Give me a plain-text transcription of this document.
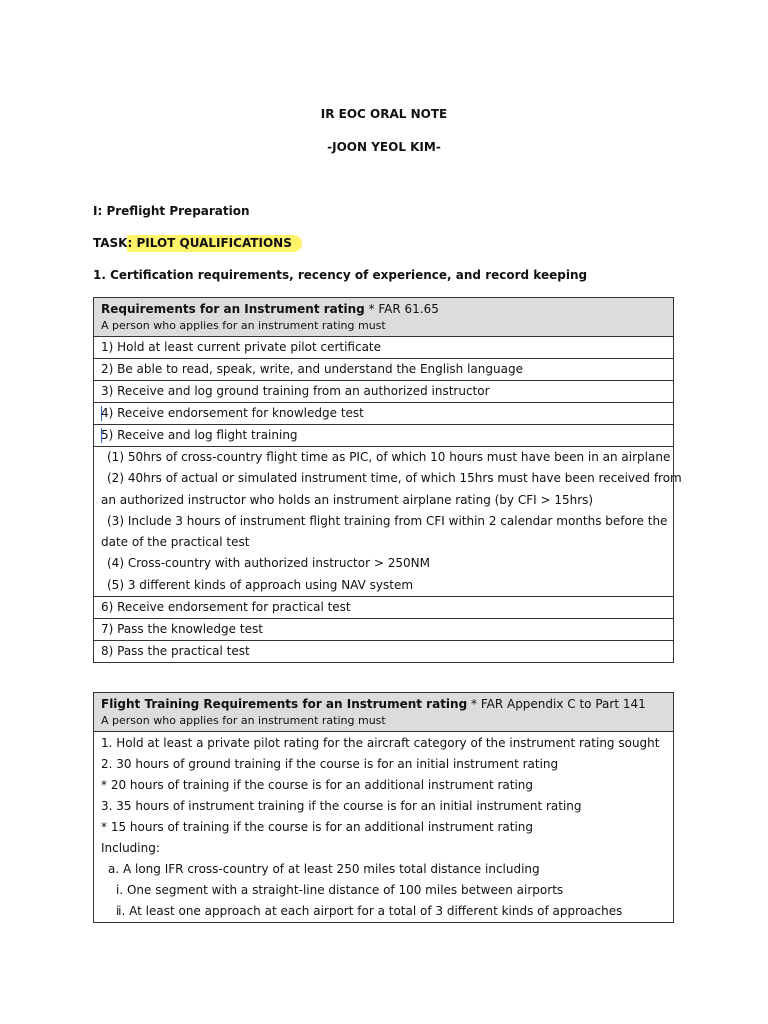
IR EOC ORAL NOTE
-JOON YEOL KIM-
Ⅰ: Preflight Preparation
TASK: PILOT QUALIFICATIONS
1. Certification requirements, recency of experience, and record keeping
Requirements for an Instrument rating * FAR 61.65
A person who applies for an instrument rating must
1) Hold at least current private pilot certificate
2) Be able to read, speak, write, and understand the English language
3) Receive and log ground training from an authorized instructor
4) Receive endorsement for knowledge test
5) Receive and log flight training
(1) 50hrs of cross-country flight time as PIC, of which 10 hours must have been in an airplane
(2) 40hrs of actual or simulated instrument time, of which 15hrs must have been received from
an authorized instructor who holds an instrument airplane rating (by CFI > 15hrs)
(3) Include 3 hours of instrument flight training from CFI within 2 calendar months before the
date of the practical test
(4) Cross-country with authorized instructor > 250NM
(5) 3 different kinds of approach using NAV system
6) Receive endorsement for practical test
7) Pass the knowledge test
8) Pass the practical test
Flight Training Requirements for an Instrument rating * FAR Appendix C to Part 141
A person who applies for an instrument rating must
1. Hold at least a private pilot rating for the aircraft category of the instrument rating sought
2. 30 hours of ground training if the course is for an initial instrument rating
* 20 hours of training if the course is for an additional instrument rating
3. 35 hours of instrument training if the course is for an initial instrument rating
* 15 hours of training if the course is for an additional instrument rating
Including:
a. A long IFR cross-country of at least 250 miles total distance including
ⅰ. One segment with a straight-line distance of 100 miles between airports
ⅱ. At least one approach at each airport for a total of 3 different kinds of approaches
